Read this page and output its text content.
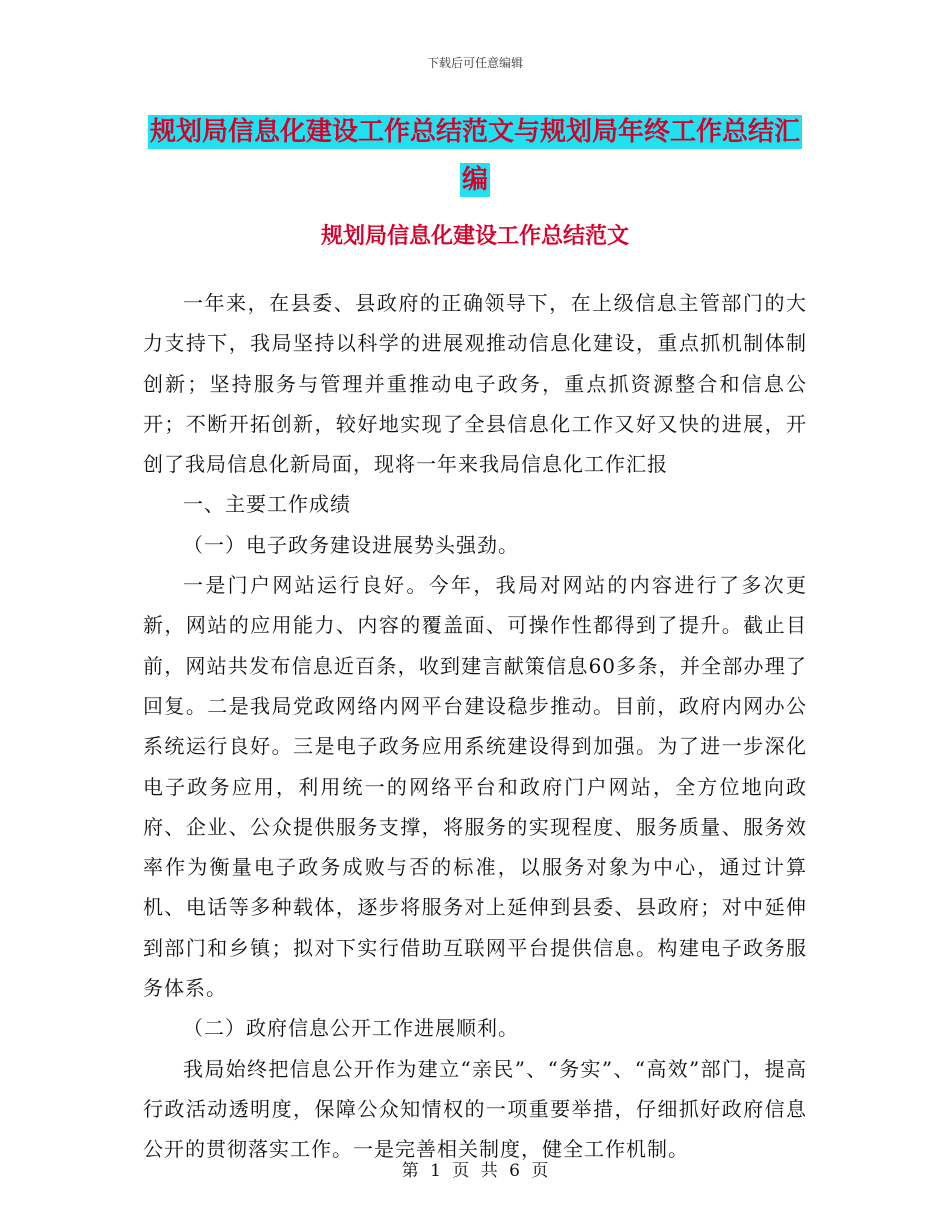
下载后可任意编辑
规划局信息化建设工作总结范文与规划局年终工作总结汇编
规划局信息化建设工作总结范文

一年来，在县委、县政府的正确领导下，在上级信息主管部门的大力支持下，我局坚持以科学的进展观推动信息化建设，重点抓机制体制创新；坚持服务与管理并重推动电子政务，重点抓资源整合和信息公开；不断开拓创新，较好地实现了全县信息化工作又好又快的进展，开创了我局信息化新局面，现将一年来我局信息化工作汇报

一、主要工作成绩

（一）电子政务建设进展势头强劲。

一是门户网站运行良好。今年，我局对网站的内容进行了多次更新，网站的应用能力、内容的覆盖面、可操作性都得到了提升。截止目前，网站共发布信息近百条，收到建言献策信息60多条，并全部办理了回复。二是我局党政网络内网平台建设稳步推动。目前，政府内网办公系统运行良好。三是电子政务应用系统建设得到加强。为了进一步深化电子政务应用，利用统一的网络平台和政府门户网站，全方位地向政府、企业、公众提供服务支撑，将服务的实现程度、服务质量、服务效率作为衡量电子政务成败与否的标准，以服务对象为中心，通过计算机、电话等多种载体，逐步将服务对上延伸到县委、县政府；对中延伸到部门和乡镇；拟对下实行借助互联网平台提供信息。构建电子政务服务体系。

（二）政府信息公开工作进展顺利。

我局始终把信息公开作为建立“亲民”、“务实”、“高效”部门，提高行政活动透明度，保障公众知情权的一项重要举措，仔细抓好政府信息公开的贯彻落实工作。一是完善相关制度，健全工作机制。

第 1 页 共 6 页
